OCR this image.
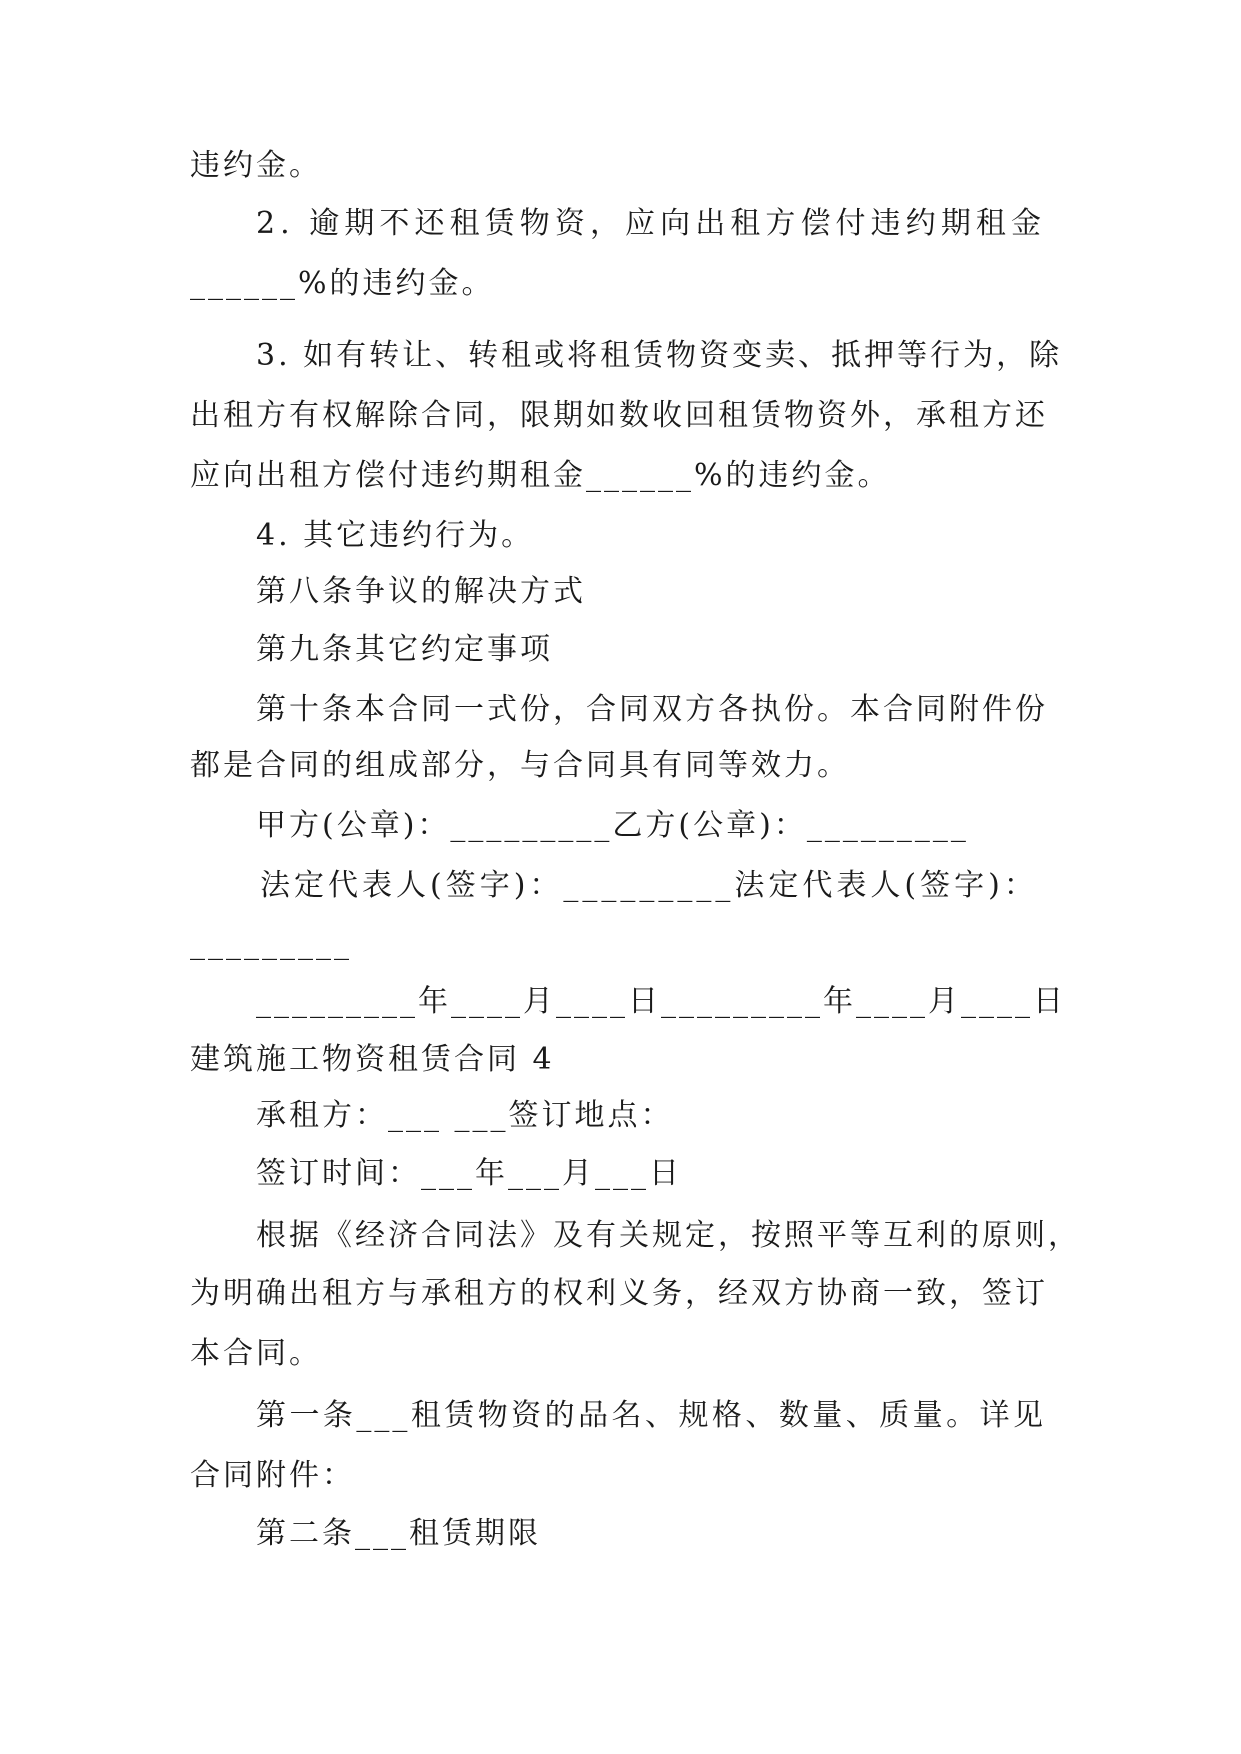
违约金。
2. 逾期不还租赁物资，应向出租方偿付违约期租金
______%的违约金。
3. 如有转让、转租或将租赁物资变卖、抵押等行为，除
出租方有权解除合同，限期如数收回租赁物资外，承租方还
应向出租方偿付违约期租金______%的违约金。
4. 其它违约行为。
第八条争议的解决方式
第九条其它约定事项
第十条本合同一式份，合同双方各执份。本合同附件份
都是合同的组成部分，与合同具有同等效力。
甲方(公章)：_________乙方(公章)：_________
法定代表人(签字)：_________法定代表人(签字)：
_________
_________年____月____日_________年____月____日
建筑施工物资租赁合同 4
承租方：___ ___签订地点：
签订时间：___年___月___日
根据《经济合同法》及有关规定，按照平等互利的原则，
为明确出租方与承租方的权利义务，经双方协商一致，签订
本合同。
第一条___租赁物资的品名、规格、数量、质量。详见
合同附件：
第二条___租赁期限
